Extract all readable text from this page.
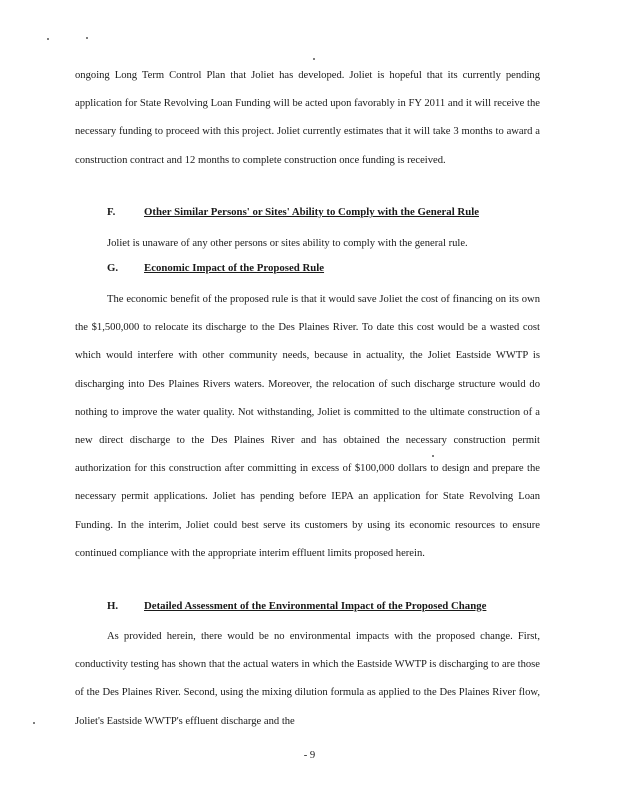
ongoing Long Term Control Plan that Joliet has developed. Joliet is hopeful that its currently pending application for State Revolving Loan Funding will be acted upon favorably in FY 2011 and it will receive the necessary funding to proceed with this project. Joliet currently estimates that it will take 3 months to award a construction contract and 12 months to complete construction once funding is received.

F.	Other Similar Persons' or Sites' Ability to Comply with the General Rule

Joliet is unaware of any other persons or sites ability to comply with the general rule.

G. Economic Impact of the Proposed Rule

The economic benefit of the proposed rule is that it would save Joliet the cost of financing on its own the $1,500,000 to relocate its discharge to the Des Plaines River. To date this cost would be a wasted cost which would interfere with other community needs, because in actuality, the Joliet Eastside WWTP is discharging into Des Plaines Rivers waters. Moreover, the relocation of such discharge structure would do nothing to improve the water quality. Not withstanding, Joliet is committed to the ultimate construction of a new direct discharge to the Des Plaines River and has obtained the necessary construction permit authorization for this construction after committing in excess of $100,000 dollars to design and prepare the necessary permit applications. Joliet has pending before IEPA an application for State Revolving Loan Funding. In the interim, Joliet could best serve its customers by using its economic resources to ensure continued compliance with the appropriate interim effluent limits proposed herein.

H. Detailed Assessment of the Environmental Impact of the Proposed Change

As provided herein, there would be no environmental impacts with the proposed change. First, conductivity testing has shown that the actual waters in which the Eastside WWTP is discharging to are those of the Des Plaines River. Second, using the mixing dilution formula as applied to the Des Plaines River flow, Joliet's Eastside WWTP's effluent discharge and the

- 9
